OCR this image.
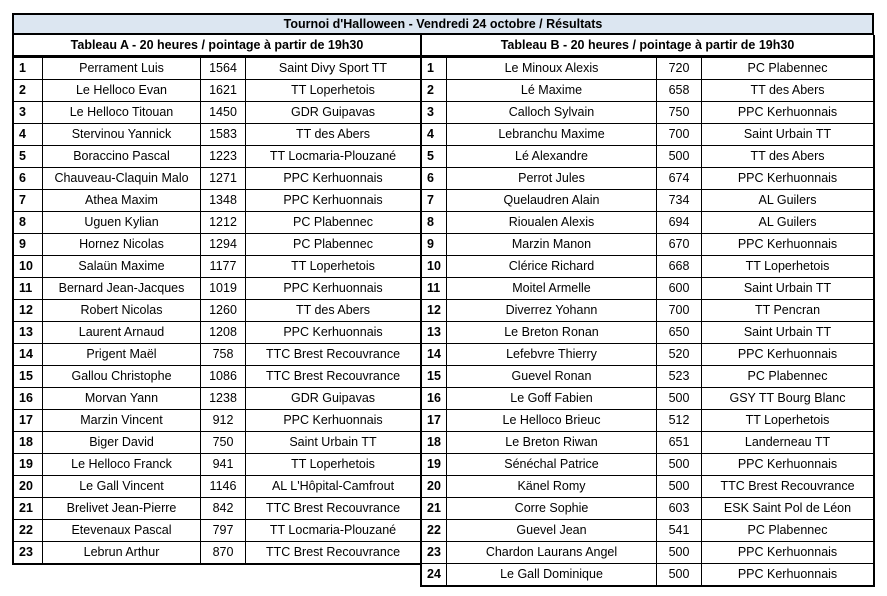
Tournoi d'Halloween - Vendredi 24 octobre / Résultats
Tableau A - 20 heures / pointage à partir de 19h30	Tableau B - 20 heures / pointage à partir de 19h30
1	Perrament Luis	1564	Saint Divy Sport TT
2	Le Helloco Evan	1621	TT Loperhetois
3	Le Helloco Titouan	1450	GDR Guipavas
4	Stervinou Yannick	1583	TT des Abers
5	Boraccino Pascal	1223	TT Locmaria-Plouzané
6	Chauveau-Claquin Malo	1271	PPC Kerhuonnais
7	Athea Maxim	1348	PPC Kerhuonnais
8	Uguen Kylian	1212	PC Plabennec
9	Hornez Nicolas	1294	PC Plabennec
10	Salaün Maxime	1177	TT Loperhetois
11	Bernard Jean-Jacques	1019	PPC Kerhuonnais
12	Robert Nicolas	1260	TT des Abers
13	Laurent Arnaud	1208	PPC Kerhuonnais
14	Prigent Maël	758	TTC Brest Recouvrance
15	Gallou Christophe	1086	TTC Brest Recouvrance
16	Morvan Yann	1238	GDR Guipavas
17	Marzin Vincent	912	PPC Kerhuonnais
18	Biger David	750	Saint Urbain TT
19	Le Helloco Franck	941	TT Loperhetois
20	Le Gall Vincent	1146	AL L'Hôpital-Camfrout
21	Brelivet Jean-Pierre	842	TTC Brest Recouvrance
22	Etevenaux Pascal	797	TT Locmaria-Plouzané
23	Lebrun Arthur	870	TTC Brest Recouvrance
1	Le Minoux Alexis	720	PC Plabennec
2	Lé Maxime	658	TT des Abers
3	Calloch Sylvain	750	PPC Kerhuonnais
4	Lebranchu Maxime	700	Saint Urbain TT
5	Lé Alexandre	500	TT des Abers
6	Perrot Jules	674	PPC Kerhuonnais
7	Quelaudren Alain	734	AL Guilers
8	Rioualen Alexis	694	AL Guilers
9	Marzin Manon	670	PPC Kerhuonnais
10	Clérice Richard	668	TT Loperhetois
11	Moitel Armelle	600	Saint Urbain TT
12	Diverrez Yohann	700	TT Pencran
13	Le Breton Ronan	650	Saint Urbain TT
14	Lefebvre Thierry	520	PPC Kerhuonnais
15	Guevel Ronan	523	PC Plabennec
16	Le Goff Fabien	500	GSY TT Bourg Blanc
17	Le Helloco Brieuc	512	TT Loperhetois
18	Le Breton Riwan	651	Landerneau TT
19	Sénéchal Patrice	500	PPC Kerhuonnais
20	Känel Romy	500	TTC Brest Recouvrance
21	Corre Sophie	603	ESK Saint Pol de Léon
22	Guevel Jean	541	PC Plabennec
23	Chardon Laurans Angel	500	PPC Kerhuonnais
24	Le Gall Dominique	500	PPC Kerhuonnais
